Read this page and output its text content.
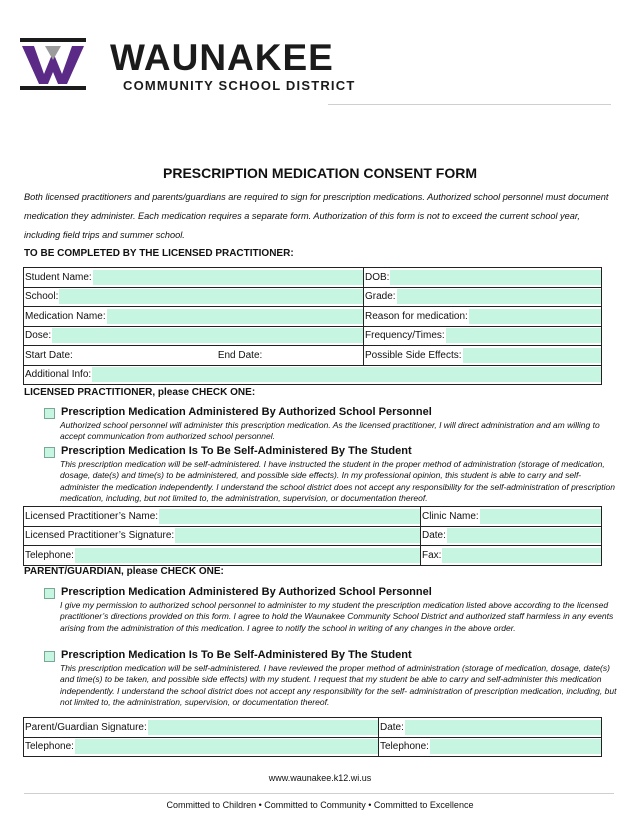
WAUNAKEE
COMMUNITY SCHOOL DISTRICT
PRESCRIPTION MEDICATION CONSENT FORM
Both licensed practitioners and parents/guardians are required to sign for prescription medications. Authorized school personnel must document medication they administer. Each medication requires a separate form. Authorization of this form is not to exceed the current school year, including field trips and summer school.
TO BE COMPLETED BY THE LICENSED PRACTITIONER:
Student Name:	DOB:

School:	Grade:

Medication Name:	Reason for medication:

Dose:	Frequency/Times:

Start Date: End Date:	Possible Side Effects:

Additional Info:	
LICENSED PRACTITIONER, please CHECK ONE:
Prescription Medication Administered By Authorized School Personnel
Authorized school personnel will administer this prescription medication. As the licensed practitioner, I will direct administration and am willing to accept communication from authorized school personnel.
Prescription Medication Is To Be Self-Administered By The Student
This prescription medication will be self-administered. I have instructed the student in the proper method of administration (storage of medication, dosage, date(s) and time(s) to be administered, and possible side effects). In my professional opinion, this student is able to carry and self-administer the medication independently. I understand the school district does not accept any responsibility for the self-administration of prescription medication, including, but not limited to, the administration, supervision, or documentation thereof.
Licensed Practitioner’s Name:	Clinic Name:

Licensed Practitioner’s Signature:	Date:

Telephone:	Fax:
PARENT/GUARDIAN, please CHECK ONE:
Prescription Medication Administered By Authorized School Personnel
I give my permission to authorized school personnel to administer to my student the prescription medication listed above according to the licensed practitioner’s directions provided on this form. I agree to hold the Waunakee Community School District and authorized staff harmless in any events arising from the administration of this medication. I agree to notify the school in writing of any changes in the above order.
Prescription Medication Is To Be Self-Administered By The Student
This prescription medication will be self-administered. I have reviewed the proper method of administration (storage of medication, dosage, date(s) and time(s) to be taken, and possible side effects) with my student. I request that my student be able to carry and self-administer this medication independently. I understand the school district does not accept any responsibility for the self- administration of prescription medication, including, but not limited to, the administration, supervision, or documentation thereof.
Parent/Guardian Signature:	Date:

Telephone:	Telephone:
www.waunakee.k12.wi.us
Committed to Children • Committed to Community • Committed to Excellence
